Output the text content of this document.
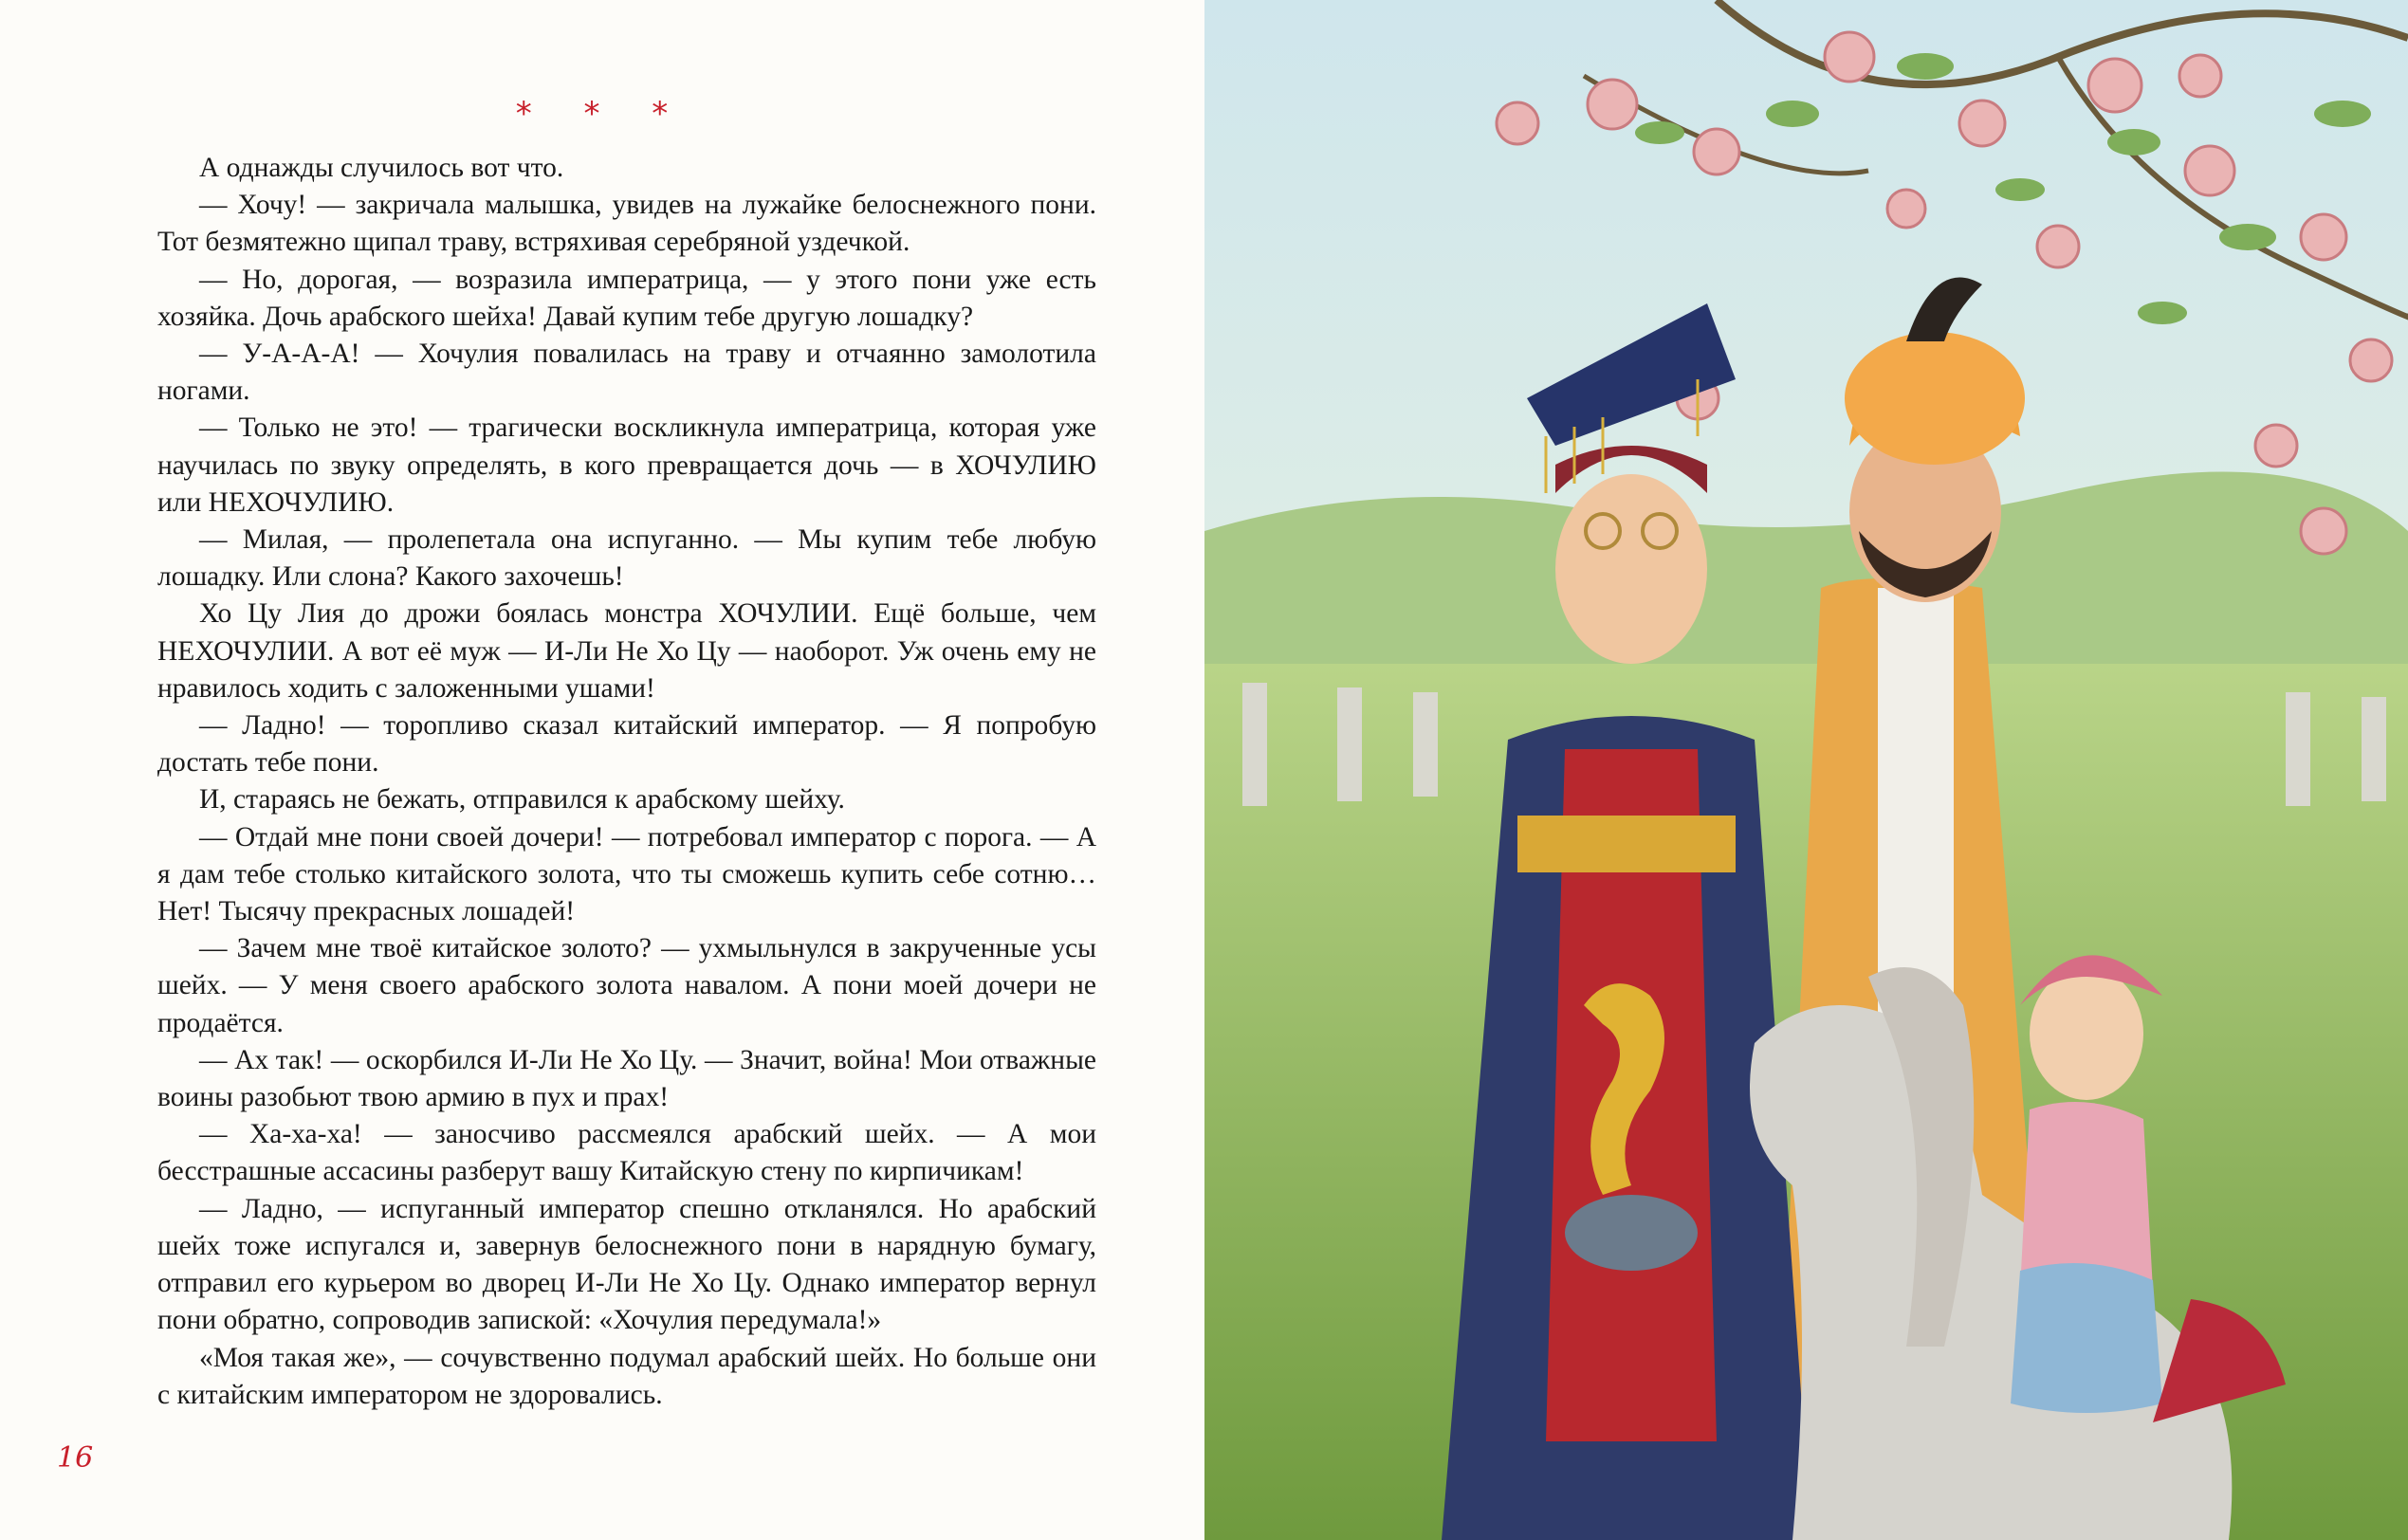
* * *

А однажды случилось вот что.

— Хочу! — закричала малышка, увидев на лужайке белоснежного пони. Тот безмятежно щипал траву, встряхивая серебряной уздечкой.

— Но, дорогая, — возразила императрица, — у этого пони уже есть хозяйка. Дочь арабского шейха! Давай купим тебе другую лошадку?

— У-А-А-А! — Хочулия повалилась на траву и отчаянно замолотила ногами.

— Только не это! — трагически воскликнула императрица, которая уже научилась по звуку определять, в кого превращается дочь — в ХОЧУЛИЮ или НЕХОЧУЛИЮ.

— Милая, — пролепетала она испуганно. — Мы купим тебе любую лошадку. Или слона? Какого захочешь!

Хо Цу Лия до дрожи боялась монстра ХОЧУЛИИ. Ещё больше, чем НЕХОЧУЛИИ. А вот её муж — И-Ли Не Хо Цу — наоборот. Уж очень ему не нравилось ходить с заложенными ушами!

— Ладно! — торопливо сказал китайский император. — Я попробую достать тебе пони.

И, стараясь не бежать, отправился к арабскому шейху.

— Отдай мне пони своей дочери! — потребовал император с порога. — А я дам тебе столько китайского золота, что ты сможешь купить себе сотню… Нет! Тысячу прекрасных лошадей!

— Зачем мне твоё китайское золото? — ухмыльнулся в закрученные усы шейх. — У меня своего арабского золота навалом. А пони моей дочери не продаётся.

— Ах так! — оскорбился И-Ли Не Хо Цу. — Значит, война! Мои отважные воины разобьют твою армию в пух и прах!

— Ха-ха-ха! — заносчиво рассмеялся арабский шейх. — А мои бесстрашные ассасины разберут вашу Китайскую стену по кирпичикам!

— Ладно, — испуганный император спешно откланялся. Но арабский шейх тоже испугался и, завернув белоснежного пони в нарядную бумагу, отправил его курьером во дворец И-Ли Не Хо Цу. Однако император вернул пони обратно, сопроводив запиской: «Хочулия передумала!»

«Моя такая же», — сочувственно подумал арабский шейх. Но больше они с китайским императором не здоровались.

16
